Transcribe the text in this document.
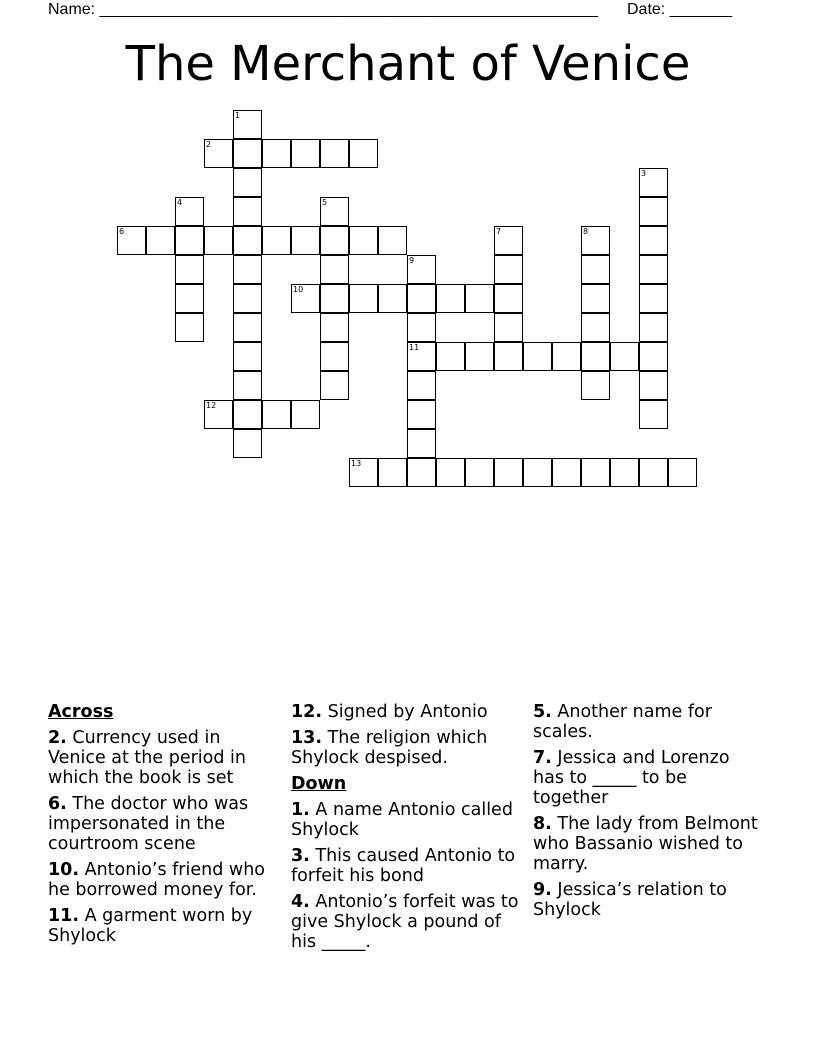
Name: ________________________________________________________ Date: _______
The Merchant of Venice
1
2
3
4	5
6	7	8
9
10
11
12
13
Across
2. Currency used in Venice at the period in which the book is set
6. The doctor who was impersonated in the courtroom scene
10. Antonio’s friend who he borrowed money for.
11. A garment worn by Shylock
12. Signed by Antonio
13. The religion which Shylock despised.
Down
1. A name Antonio called Shylock
3. This caused Antonio to forfeit his bond
4. Antonio’s forfeit was to give Shylock a pound of his _____.
5. Another name for scales.
7. Jessica and Lorenzo has to _____ to be together
8. The lady from Belmont who Bassanio wished to marry.
9. Jessica’s relation to Shylock
